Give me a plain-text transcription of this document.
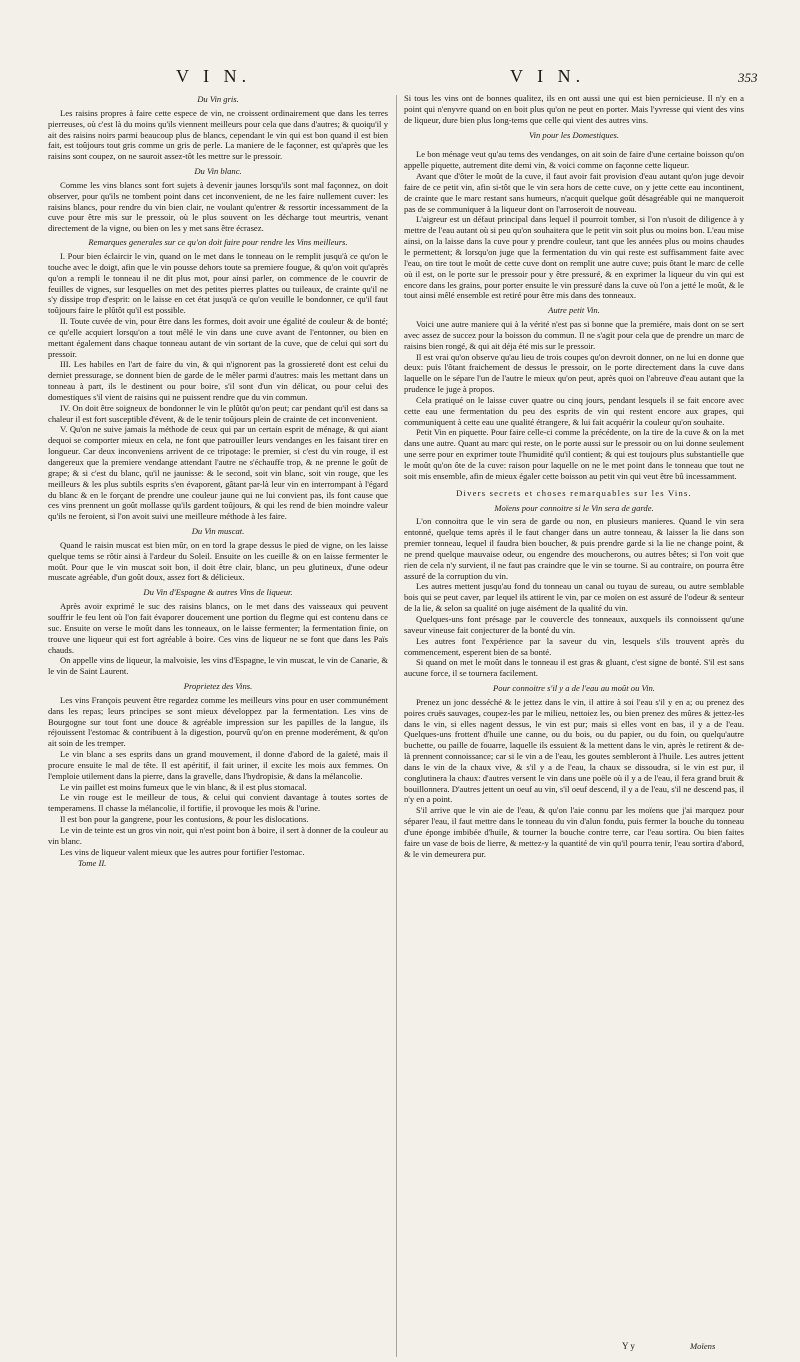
V I N.	V I N.	353
Du Vin gris.

Les raisins propres à faire cette espece de vin, ne croissent ordinairement que dans les terres pierreuses, où c'est là du moins qu'ils viennent meilleurs pour cela que dans d'autres; & quoiqu'il y ait des raisins noirs parmi beaucoup plus de blancs, cependant le vin qui est bon quand il est bien fait, est toûjours tout gris comme un gris de perle. La maniere de le façonner, est qu'après que les raisins sont coupez, on ne sauroit assez-tôt les mettre sur le pressoir.

Du Vin blanc.

Comme les vins blancs sont fort sujets à devenir jaunes lorsqu'ils sont mal façonnez, on doit observer, pour qu'ils ne tombent point dans cet inconvenient, de ne les faire nullement cuver: les raisins blancs, pour rendre du vin bien clair, ne voulant qu'entrer & ressortir incessamment de la cuve pour être mis sur le pressoir, où le plus souvent on les décharge tout meurtris, venant directement de la vigne, ou bien on les y met sans être écrasez.

Remarques generales sur ce qu'on doit faire pour rendre les Vins meilleurs.

I. Pour bien éclaircir le vin, quand on le met dans le tonneau on le remplit jusqu'à ce qu'on le touche avec le doigt, afin que le vin pousse dehors toute sa premiere fougue, & qu'on voit qu'après qu'on a rempli le tonneau il ne dit plus mot, pour ainsi parler, on commence de le couvrir de feuilles de vignes, sur lesquelles on met des petites pierres plattes ou tuileaux, de crainte qu'il ne s'y dissipe trop d'esprit: on le laisse en cet état jusqu'à ce qu'on veuille le bondonner, ce qu'il faut toûjours faire le plûtôt qu'il est possible.

II. Toute cuvée de vin, pour être dans les formes, doit avoir une égalité de couleur & de bonté; ce qu'elle acquiert lorsqu'on a tout mêlé le vin dans une cuve avant de l'entonner, ou bien en mettant également dans chaque tonneau autant de vin sortant de la cuve, que de celui qui sort du pressoir.

III. Les habiles en l'art de faire du vin, & qui n'ignorent pas la grossiereté dont est celui du derniet pressurage, se donnent bien de garde de le mêler parmi d'autres: mais les mettant dans un tonneau à part, ils le destinent ou pour boire, s'il sont d'un vin délicat, ou pour celui des domestiques s'il vient de raisins qui ne puissent rendre que du vin commun.

IV. On doit être soigneux de bondonner le vin le plûtôt qu'on peut; car pendant qu'il est dans sa chaleur il est fort susceptible d'évent, & de le tenir toûjours plein de crainte de cet inconvenient.

V. Qu'on ne suive jamais la méthode de ceux qui par un certain esprit de ménage, & qui aiant dequoi se comporter mieux en cela, ne font que patrouiller leurs vendanges en les faisant tirer en longueur. Car deux inconveniens arrivent de ce tripotage: le premier, si c'est du vin rouge, il est dangereux que la premiere vendange attendant l'autre ne s'échauffe trop, & ne prenne le goût de grape; & si c'est du blanc, qu'il ne jaunisse: & le second, soit vin blanc, soit vin rouge, que les meilleurs & les plus subtils esprits s'en évaporent, gâtant par-là leur vin en interrompant à l'égard du blanc & en le forçant de prendre une couleur jaune qui ne lui convient pas, ils font cause que ces vins prennent un goût mollasse qu'ils gardent toûjours, & qui les rend de bien moindre valeur qu'ils ne feroient, si l'on avoit suivi une meilleure méthode à les faire.

Du Vin muscat.

Quand le raisin muscat est bien mûr, on en tord la grape dessus le pied de vigne, on les laisse quelque tems se rôtir ainsi à l'ardeur du Soleil. Ensuite on les cueille & on en laisse fermenter le moût. Pour que le vin muscat soit bon, il doit être clair, blanc, un peu glutineux, d'une odeur muscate agréable, d'un goût doux, assez fort & délicieux.

Du Vin d'Espagne & autres Vins de liqueur.

Après avoir exprimé le suc des raisins blancs, on le met dans des vaisseaux qui peuvent souffrir le feu lent où l'on fait évaporer doucement une portion du flegme qui est contenu dans ce suc. Ensuite on verse le moût dans les tonneaux, on le laisse fermenter; la fermentation finie, on trouve une liqueur qui est fort agréable à boire. Ces vins de liqueur ne se font que dans les Païs chauds.

On appelle vins de liqueur, la malvoisie, les vins d'Espagne, le vin muscat, le vin de Canarie, & le vin de Saint Laurent.

Proprietez des Vins.

Les vins François peuvent être regardez comme les meilleurs vins pour en user communément dans les repas; leurs principes se sont mieux développez par la fermentation. Les vins de Bourgogne sur tout font une douce & agréable impression sur les papilles de la langue, ils réjouissent l'estomac & contribuent à la digestion, pourvû qu'on en prenne moderément, & qu'on ait soin de les tremper.

Le vin blanc a ses esprits dans un grand mouvement, il donne d'abord de la gaïeté, mais il procure ensuite le mal de tête. Il est apéritif, il fait uriner, il excite les mois aux femmes. On l'emploie utilement dans la pierre, dans la gravelle, dans l'hydropisie, & dans la mélancolie.

Le vin paillet est moins fumeux que le vin blanc, & il est plus stomacal.

Le vin rouge est le meilleur de tous, & celui qui convient davantage à toutes sortes de temperamens. Il chasse la mélancolie, il fortifie, il provoque les mois & l'urine.

Il est bon pour la gangrene, pour les contusions, & pour les dislocations.

Le vin de teinte est un gros vin noir, qui n'est point bon à boire, il sert à donner de la couleur au vin blanc.

Les vins de liqueur valent mieux que les autres pour fortifier l'estomac.

Tome II.

Si tous les vins ont de bonnes qualitez, ils en ont aussi une qui est bien pernicieuse. Il n'y en a point qui n'enyvre quand on en boit plus qu'on ne peut en porter. Mais l'yvresse qui vient des vins de liqueur, dure bien plus long-tems que celle qui vient des autres vins.

Vin pour les Domestiques.

Le bon ménage veut qu'au tems des vendanges, on ait soin de faire d'une certaine boisson qu'on appelle piquette, autrement dite demi vin, & voici comme on façonne cette liqueur.

Avant que d'ôter le moût de la cuve, il faut avoir fait provision d'eau autant qu'on juge devoir faire de ce petit vin, afin si-tôt que le vin sera hors de cette cuve, on y jette cette eau incontinent, de crainte que le marc restant sans humeurs, n'acquit quelque goût désagréable qui ne manqueroit pas de se communiquer à la liqueur dont on l'arroseroit de nouveau.

L'aigreur est un défaut principal dans lequel il pourroit tomber, si l'on n'usoit de diligence à y mettre de l'eau autant où si peu qu'on souhaitera que le petit vin soit plus ou moins bon. L'eau mise ainsi, on la laisse dans la cuve pour y prendre couleur, tant que les années plus ou moins chaudes le permettent; & lorsqu'on juge que la fermentation du vin qui reste est suffisamment faite avec l'eau, on tire tout le moût de cette cuve dont on remplit une autre cuve; puis ôtant le marc de celle où il est, on le porte sur le pressoir pour y être pressuré, & en exprimer la liqueur du vin qui est encore dans les grains, pour porter ensuite le vin pressuré dans la cuve où l'on a jetté le moût, & le tout ainsi mêlé ensemble est retiré pour être mis dans des tonneaux.

Autre petit Vin.

Voici une autre maniere qui à la vérité n'est pas si bonne que la premiére, mais dont on se sert avec assez de succez pour la boisson du commun. Il ne s'agit pour cela que de prendre un marc de raisins bien rongé, & qui ait déja été mis sur le pressoir.

Il est vrai qu'on observe qu'au lieu de trois coupes qu'on devroit donner, on ne lui en donne que deux: puis l'ôtant fraichement de dessus le pressoir, on le porte directement dans la cuve dans laquelle on le sépare l'un de l'autre le mieux qu'on peut, après quoi on l'abreuve d'eau autant que la prudence le juge à propos.

Cela pratiqué on le laisse cuver quatre ou cinq jours, pendant lesquels il se fait encore avec cette eau une fermentation du peu des esprits de vin qui restent encore aux grapes, qui communiquent à cette eau une qualité étrangere, & lui fait acquérir la couleur qu'on souhaite.

Petit Vin en piquette. Pour faire celle-ci comme la précédente, on la tire de la cuve & on la met dans une autre. Quant au marc qui reste, on le porte aussi sur le pressoir ou on lui donne seulement une serre pour en exprimer toute l'humidité qu'il contient; & qui est toujours plus substantielle que le moût qu'on ôte de la cuve: raison pour laquelle on ne le met point dans le tonneau que tout ne soit mis ensemble, afin de mieux égaler cette boisson au petit vin qui veut être bû incessamment.

Divers secrets et choses remarquables sur les Vins.
Moïens pour connoitre si le Vin sera de garde.

L'on connoitra que le vin sera de garde ou non, en plusieurs manieres. Quand le vin sera entonné, quelque tems après il le faut changer dans un autre tonneau, & laisser la lie dans son premier tonneau, lequel il faudra bien boucher, & puis prendre garde si la lie ne change point, & ne prend quelque mauvaise odeur, ou engendre des moucherons, ou autres bêtes; si l'on voit que rien de cela n'y survient, il ne faut pas craindre que le vin se tourne. Si au contraire, on pourra être assuré de la corruption du vin.

Les autres mettent jusqu'au fond du tonneau un canal ou tuyau de sureau, ou autre semblable bois qui se peut caver, par lequel ils attirent le vin, par ce moïen on est assuré de l'odeur & senteur de la lie, & selon sa qualité on juge aisément de la qualité du vin.

Quelques-uns font présage par le couvercle des tonneaux, auxquels ils connoissent qu'une saveur vineuse fait conjecturer de la bonté du vin.

Les autres font l'expérience par la saveur du vin, lesquels s'ils trouvent après du commencement, esperent bien de sa bonté.

Si quand on met le moût dans le tonneau il est gras & gluant, c'est signe de bonté. S'il est sans aucune force, il se tournera facilement.

Pour connoitre s'il y a de l'eau au moût ou Vin.

Prenez un jonc desséché & le jettez dans le vin, il attire à soi l'eau s'il y en a; ou prenez des poires cruës sauvages, coupez-les par le milieu, nettoiez les, ou bien prenez des mûres & jettez-les dans le vin, si elles nagent dessus, le vin est pur; mais si elles vont en bas, il y a de l'eau. Quelques-uns frottent d'huile une canne, ou du bois, ou du papier, ou du foin, ou quelqu'autre buchette, ou paille de fouarre, laquelle ils essuient & la mettent dans le vin, après le retirent & de-là prennent connoissance; car si le vin a de l'eau, les goutes sembleront à l'huile. Les autres jettent dans le vin de la chaux vive, & s'il y a de l'eau, la chaux se dissoudra, si le vin est pur, il conglutinera la chaux: d'autres versent le vin dans une poële où il y a de l'eau, il fera grand bruit & bouillonnera. D'autres jettent un oeuf au vin, s'il oeuf descend, il y a de l'eau, s'il ne descend pas, il n'y en a point.

S'il arrive que le vin aie de l'eau, & qu'on l'aie connu par les moïens que j'ai marquez pour séparer l'eau, il faut mettre dans le tonneau du vin d'alun fondu, puis fermer la bouche du tonneau d'une éponge imbibée d'huile, & tourner la bouche contre terre, car l'eau sortira. Ou bien faites faire un vase de bois de lierre, & mettez-y la quantité de vin qu'il pourra tenir, l'eau sortira d'abord, & le vin demeurera pur.

Y y	Moïens
